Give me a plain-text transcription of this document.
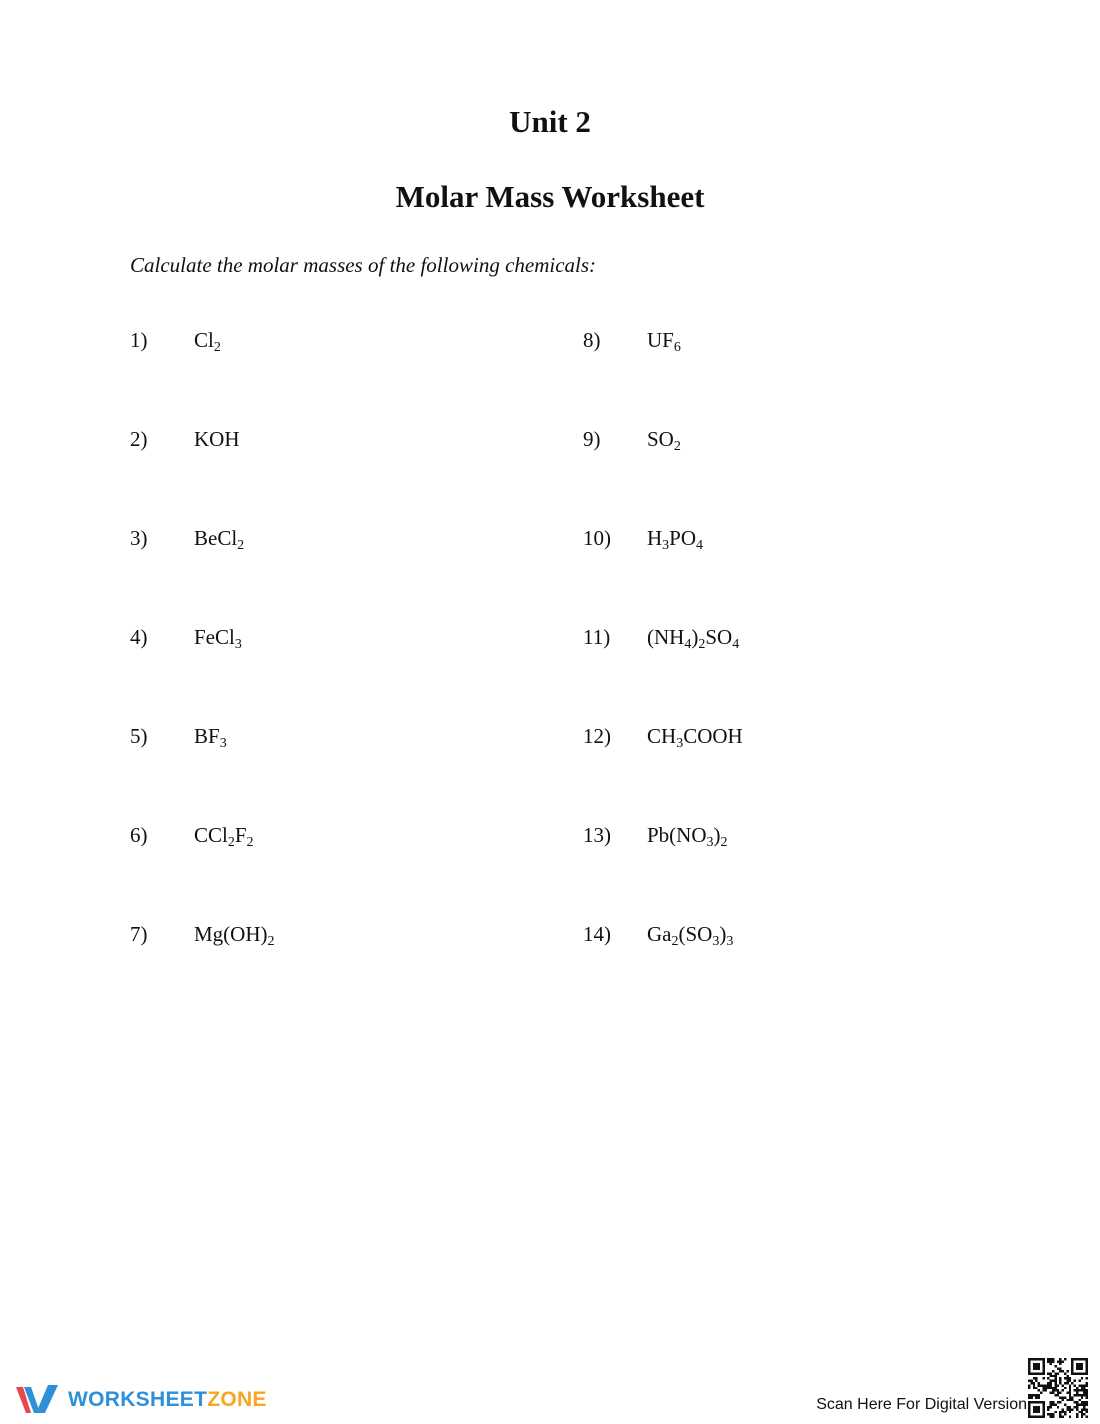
Unit 2
Molar Mass Worksheet
Calculate the molar masses of the following chemicals:
1) $Cl_2$
2) KOH
3) BeCl$_2$
4) FeCl$_3$
5) $BF_3$
6) $CCl_2F_2$
7) $Mg(OH)_2$
8) $UF_6$
9) $SO_2$
10) $H_3PO_4$
11) $(NH_4)_2SO_4$
12) $CH_3COOH$
13) $Pb(NO_3)_2$
14) $Ga_2(SO_3)_3$
WORKSHEETZONE	Scan Here For Digital Version
